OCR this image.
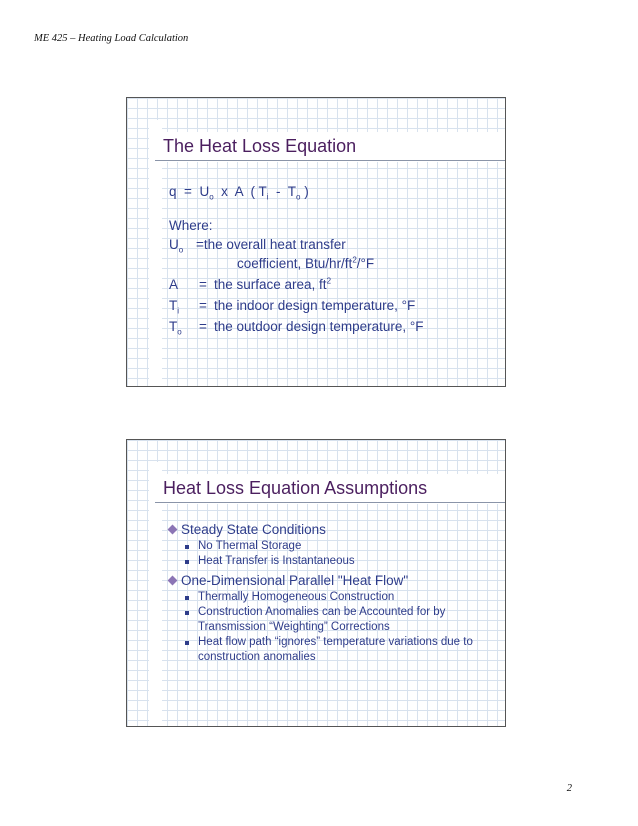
ME 425 – Heating Load Calculation
The Heat Loss Equation
$q = U_o$ x A ( $T_i - T_o$ )
Where:
$U_o$ = the overall heat transfer
coefficient, Btu/$hr/ft^2/^\circ F$
A	= the surface area, $ft^2$
$T_i$	= the indoor design temperature, °F
$T_o$	= the outdoor design temperature, °F
Heat Loss Equation Assumptions
Steady State Conditions
No Thermal Storage
Heat Transfer is Instantaneous
One-Dimensional Parallel "Heat Flow"
Thermally Homogeneous Construction
Construction Anomalies can be Accounted for by Transmission “Weighting” Corrections
Heat flow path “ignores” temperature variations due to construction anomalies
2
